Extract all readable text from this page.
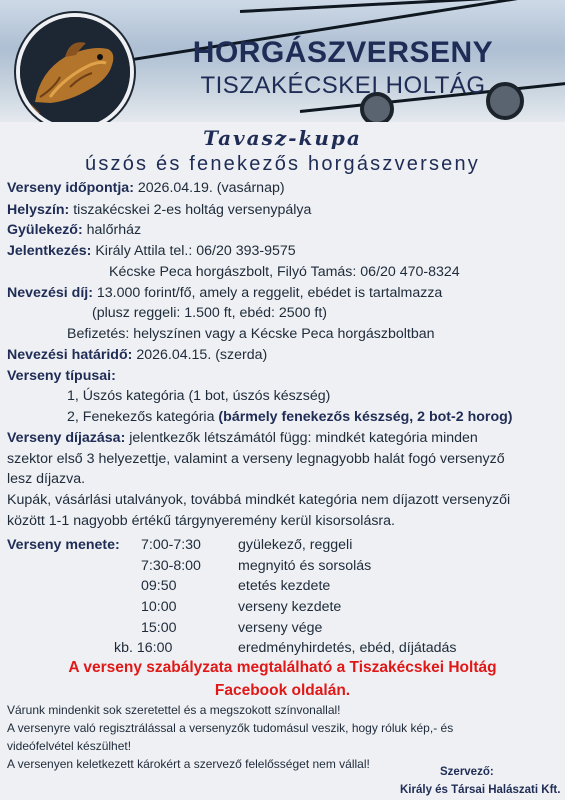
HORGÁSZVERSENY
TISZAKÉCSKEI HOLTÁG
Tavasz-kupa
úszós és fenekezős horgászverseny
Verseny időpontja: 2026.04.19. (vasárnap)
Helyszín: tiszakécskei 2-es holtág versenypálya
Gyülekező: halőrház
Jelentkezés: Király Attila tel.: 06/20 393-9575
Kécske Peca horgászbolt, Filyó Tamás: 06/20 470-8324
Nevezési díj: 13.000 forint/fő, amely a reggelit, ebédet is tartalmazza
(plusz reggeli: 1.500 ft, ebéd: 2500 ft)
Befizetés: helyszínen vagy a Kécske Peca horgászboltban
Nevezési határidő: 2026.04.15. (szerda)
Verseny típusai:
1, Úszós kategória (1 bot, úszós készség)
2, Fenekezős kategória (bármely fenekezős készség, 2 bot-2 horog)
Verseny díjazása: jelentkezők létszámától függ: mindkét kategória minden
szektor első 3 helyezettje, valamint a verseny legnagyobb halát fogó versenyző
lesz díjazva.
Kupák, vásárlási utalványok, továbbá mindkét kategória nem díjazott versenyzői
között 1-1 nagyobb értékű tárgynyeremény kerül kisorsolásra.
Verseny menete: 7:00-7:30	gyülekező, reggeli
7:30-8:00	megnyitó és sorsolás
09:50	etetés kezdete
10:00	verseny kezdete
15:00	verseny vége
kb. 16:00	eredményhirdetés, ebéd, díjátadás
A verseny szabályzata megtalálható a Tiszakécskei Holtág
Facebook oldalán.
Várunk mindenkit sok szeretettel és a megszokott színvonallal!
A versenyre való regisztrálással a versenyzők tudomásul veszik, hogy róluk kép,- és
videófelvétel készülhet!
A versenyen keletkezett károkért a szervező felelősséget nem vállal!
Szervező:
Király és Társai Halászati Kft.
